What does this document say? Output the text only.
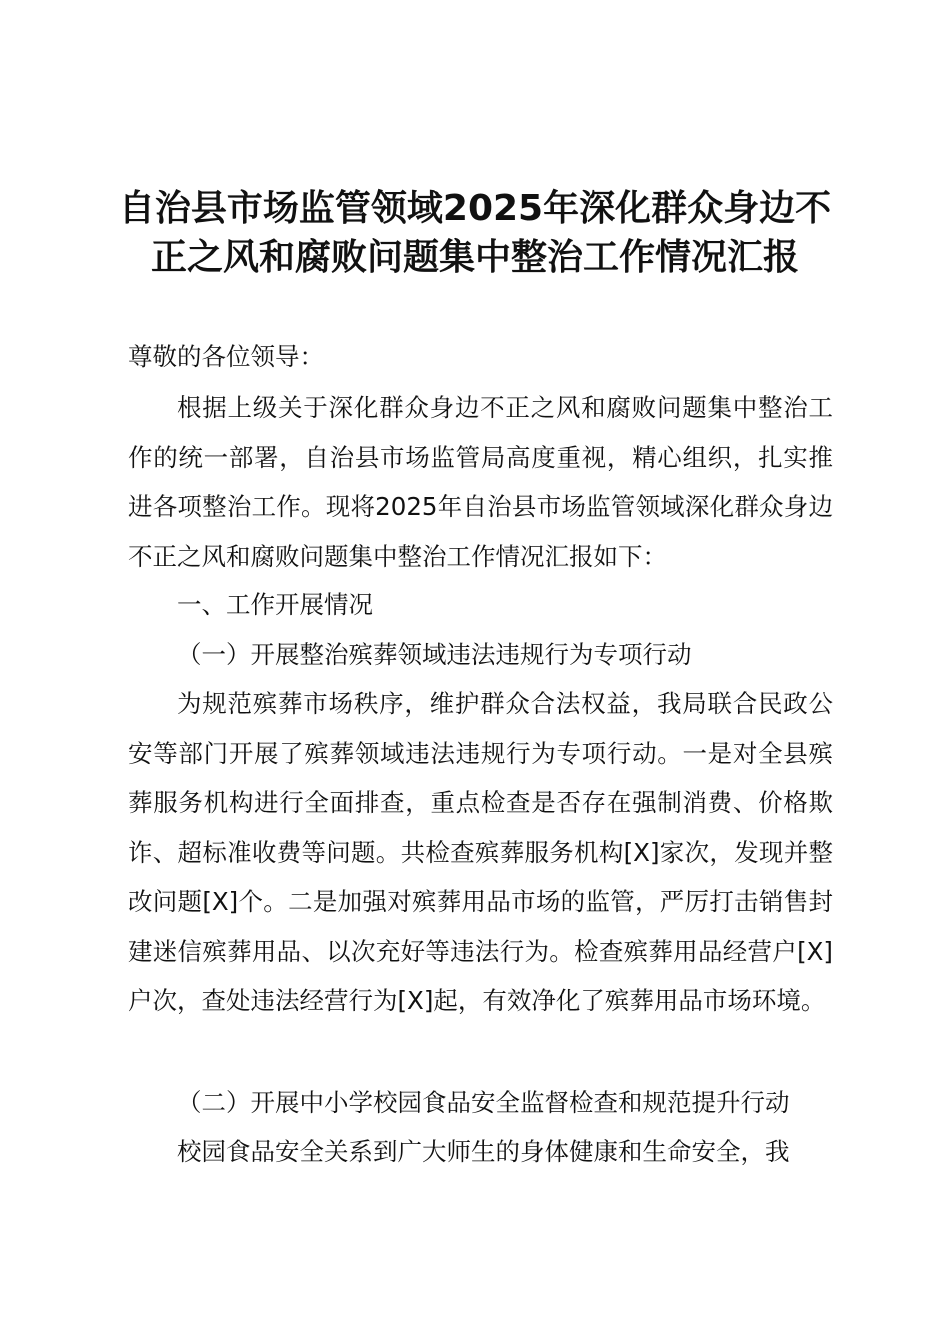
自治县市场监管领域2025年深化群众身边不
正之风和腐败问题集中整治工作情况汇报
尊敬的各位领导：
根据上级关于深化群众身边不正之风和腐败问题集中整治工作的统一部署，自治县市场监管局高度重视，精心组织，扎实推进各项整治工作。现将2025年自治县市场监管领域深化群众身边不正之风和腐败问题集中整治工作情况汇报如下：
一、工作开展情况
（一）开展整治殡葬领域违法违规行为专项行动
为规范殡葬市场秩序，维护群众合法权益，我局联合民政公安等部门开展了殡葬领域违法违规行为专项行动。一是对全县殡葬服务机构进行全面排查，重点检查是否存在强制消费、价格欺诈、超标准收费等问题。共检查殡葬服务机构[X]家次，发现并整改问题[X]个。二是加强对殡葬用品市场的监管，严厉打击销售封建迷信殡葬用品、以次充好等违法行为。检查殡葬用品经营户[X]户次，查处违法经营行为[X]起，有效净化了殡葬用品市场环境。
（二）开展中小学校园食品安全监督检查和规范提升行动
校园食品安全关系到广大师生的身体健康和生命安全，我
